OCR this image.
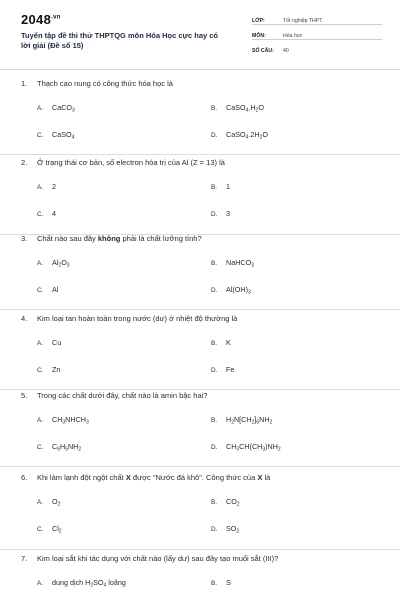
$2048^{.vn}$
Tuyển tập đề thi thử THPTQG môn Hóa Học cực hay có lời giải (Đề số 15)
LỚP:	Tốt nghiệp THPT
MÔN:	Hóa học
SỐ CÂU:	40
1. Thạch cao nung có công thức hóa học là
A. CaCO$_3$	B. $CaSO_4.H_2O$
C. CaSO$_4$	D. $CaSO_4.2H_2O$
2. Ở trạng thái cơ bản, số electron hóa trị của Al (Z = 13) là
A. 2	B. 1
C. 4	D. 3
3. Chất nào sau đây không phải là chất lưỡng tính?
A. $Al_2O_3$	B. NaHCO$_3$
C. Al	D. $Al(OH)_3$
4. Kim loại tan hoàn toàn trong nước (dư) ở nhiệt độ thường là
A. Cu	B. K
C. Zn	D. Fe
5. Trong các chất dưới đây, chất nào là amin bậc hai?
A. $CH_3NHCH_3$	B. $H_2N[CH_2]_6NH_2$
C. $C_6H_5NH_2$	D. $CH_3CH(CH_3)NH_2$
6. Khi làm lạnh đột ngột chất X được "Nước đá khô". Công thức của X là
A. $O_2$	B. $CO_2$
C. $Cl_2$	D. $SO_2$
7. Kim loại sắt khi tác dụng với chất nào (lấy dư) sau đây tạo muối sắt (III)?
A. dung dịch $H_2SO_4$ loãng	B. S
